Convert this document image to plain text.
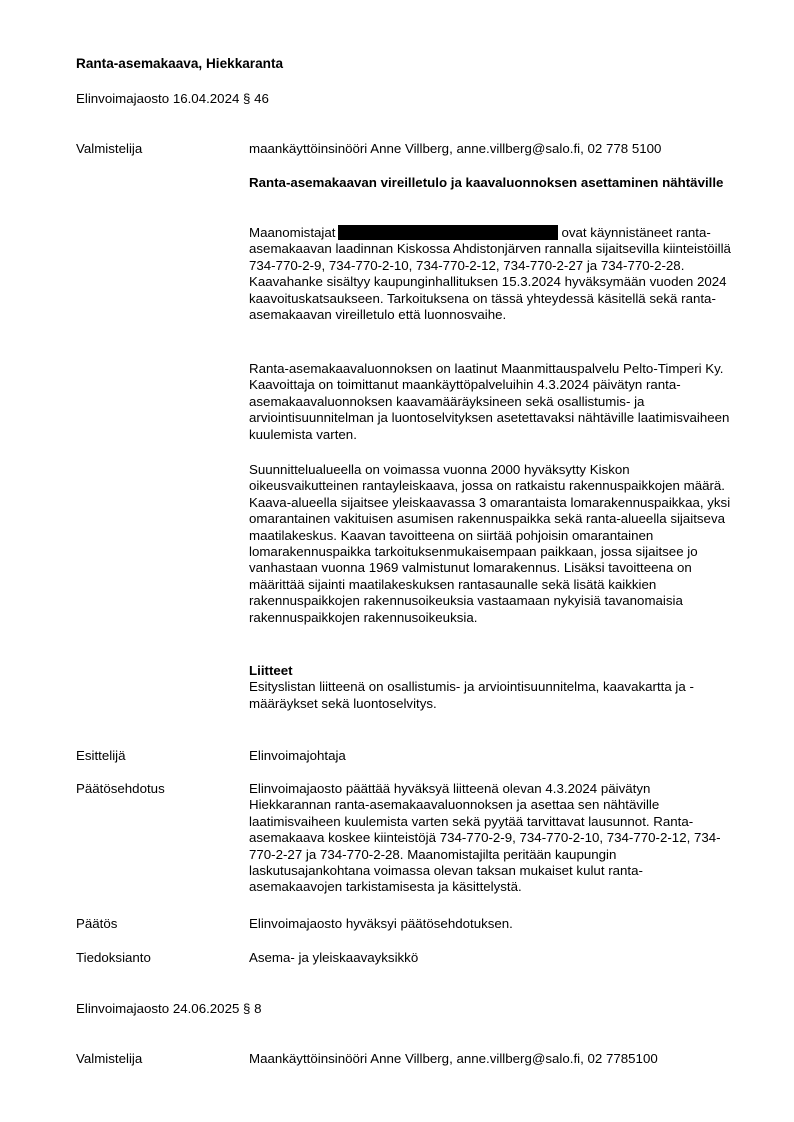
Ranta-asemakaava, Hiekkaranta
Elinvoimajaosto 16.04.2024 § 46
Valmistelija	maankäyttöinsinööri Anne Villberg, anne.villberg@salo.fi, 02 778 5100
Ranta-asemakaavan vireilletulo ja kaavaluonnoksen asettaminen nähtäville
Maanomistajat	ovat käynnistäneet ranta-asemakaavan laadinnan Kiskossa Ahdistonjärven rannalla sijaitsevilla kiinteistöillä 734-770-2-9, 734-770-2-10, 734-770-2-12, 734-770-2-27 ja 734-770-2-28. Kaavahanke sisältyy kaupunginhallituksen 15.3.2024 hyväksymään vuoden 2024 kaavoituskatsaukseen. Tarkoituksena on tässä yhteydessä käsitellä sekä ranta-asemakaavan vireilletulo että luonnosvaihe.
Ranta-asemakaavaluonnoksen on laatinut Maanmittauspalvelu Pelto-Timperi Ky. Kaavoittaja on toimittanut maankäyttöpalveluihin 4.3.2024 päivätyn ranta-asemakaavaluonnoksen kaavamääräyksineen sekä osallistumis- ja arviointisuunnitelman ja luontoselvityksen asetettavaksi nähtäville laatimisvaiheen kuulemista varten.
Suunnittelualueella on voimassa vuonna 2000 hyväksytty Kiskon oikeusvaikutteinen rantayleiskaava, jossa on ratkaistu rakennuspaikkojen määrä. Kaava-alueella sijaitsee yleiskaavassa 3 omarantaista lomarakennuspaikkaa, yksi omarantainen vakituisen asumisen rakennuspaikka sekä ranta-alueella sijaitseva maatilakeskus. Kaavan tavoitteena on siirtää pohjoisin omarantainen lomarakennuspaikka tarkoituksenmukaisempaan paikkaan, jossa sijaitsee jo vanhastaan vuonna 1969 valmistunut lomarakennus. Lisäksi tavoitteena on määrittää sijainti maatilakeskuksen rantasaunalle sekä lisätä kaikkien rakennuspaikkojen rakennusoikeuksia vastaamaan nykyisiä tavanomaisia rakennuspaikkojen rakennusoikeuksia.
Liitteet
Esityslistan liitteenä on osallistumis- ja arviointisuunnitelma, kaavakartta ja -määräykset sekä luontoselvitys.
Esittelijä	Elinvoimajohtaja
Päätösehdotus	Elinvoimajaosto päättää hyväksyä liitteenä olevan 4.3.2024 päivätyn Hiekkarannan ranta-asemakaavaluonnoksen ja asettaa sen nähtäville laatimisvaiheen kuulemista varten sekä pyytää tarvittavat lausunnot. Ranta-asemakaava koskee kiinteistöjä 734-770-2-9, 734-770-2-10, 734-770-2-12, 734-770-2-27 ja 734-770-2-28. Maanomistajilta peritään kaupungin laskutusajankohtana voimassa olevan taksan mukaiset kulut ranta-asemakaavojen tarkistamisesta ja käsittelystä.
Päätös	Elinvoimajaosto hyväksyi päätösehdotuksen.
Tiedoksianto	Asema- ja yleiskaavayksikkö
Elinvoimajaosto 24.06.2025 § 8
Valmistelija	Maankäyttöinsinööri Anne Villberg, anne.villberg@salo.fi, 02 7785100
